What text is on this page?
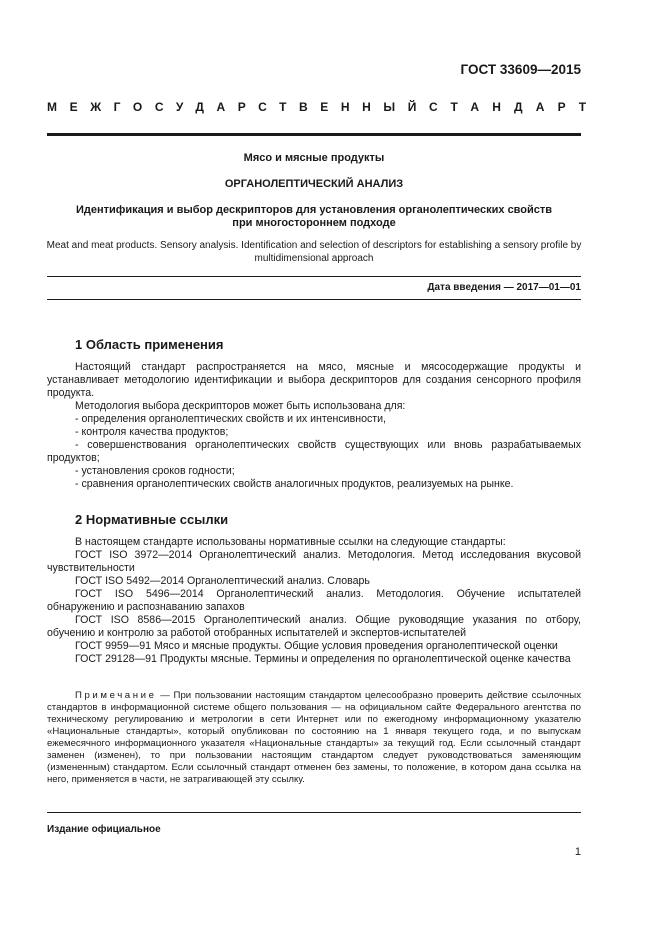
ГОСТ 33609—2015
МЕЖГОСУДАРСТВЕННЫЙ СТАНДАРТ
Мясо и мясные продукты
ОРГАНОЛЕПТИЧЕСКИЙ АНАЛИЗ
Идентификация и выбор дескрипторов для установления органолептических свойств
при многостороннем подходе
Meat and meat products. Sensory analysis. Identification and selection of descriptors for establishing a sensory profile by
multidimensional approach
Дата введения — 2017—01—01
1 Область применения

Настоящий стандарт распространяется на мясо, мясные и мясосодержащие продукты и устанавливает методологию идентификации и выбора дескрипторов для создания сенсорного профиля продукта.

Методология выбора дескрипторов может быть использована для:

- определения органолептических свойств и их интенсивности,

- контроля качества продуктов;

- совершенствования органолептических свойств существующих или вновь разрабатываемых продуктов;

- установления сроков годности;

- сравнения органолептических свойств аналогичных продуктов, реализуемых на рынке.

2 Нормативные ссылки

В настоящем стандарте использованы нормативные ссылки на следующие стандарты:

ГОСТ ISO 3972—2014 Органолептический анализ. Методология. Метод исследования вкусовой чувствительности

ГОСТ ISO 5492—2014 Органолептический анализ. Словарь

ГОСТ ISO 5496—2014 Органолептический анализ. Методология. Обучение испытателей обнаружению и распознаванию запахов

ГОСТ ISO 8586—2015 Органолептический анализ. Общие руководящие указания по отбору, обучению и контролю за работой отобранных испытателей и экспертов-испытателей

ГОСТ 9959—91 Мясо и мясные продукты. Общие условия проведения органолептической оценки

ГОСТ 29128—91 Продукты мясные. Термины и определения по органолептической оценке качества

Примечание — При пользовании настоящим стандартом целесообразно проверить действие ссылочных стандартов в информационной системе общего пользования — на официальном сайте Федерального агентства по техническому регулированию и метрологии в сети Интернет или по ежегодному информационному указателю «Национальные стандарты», который опубликован по состоянию на 1 января текущего года, и по выпускам ежемесячного информационного указателя «Национальные стандарты» за текущий год. Если ссылочный стандарт заменен (изменен), то при пользовании настоящим стандартом следует руководствоваться заменяющим (измененным) стандартом. Если ссылочный стандарт отменен без замены, то положение, в котором дана ссылка на него, применяется в части, не затрагивающей эту ссылку.

Издание официальное
1
